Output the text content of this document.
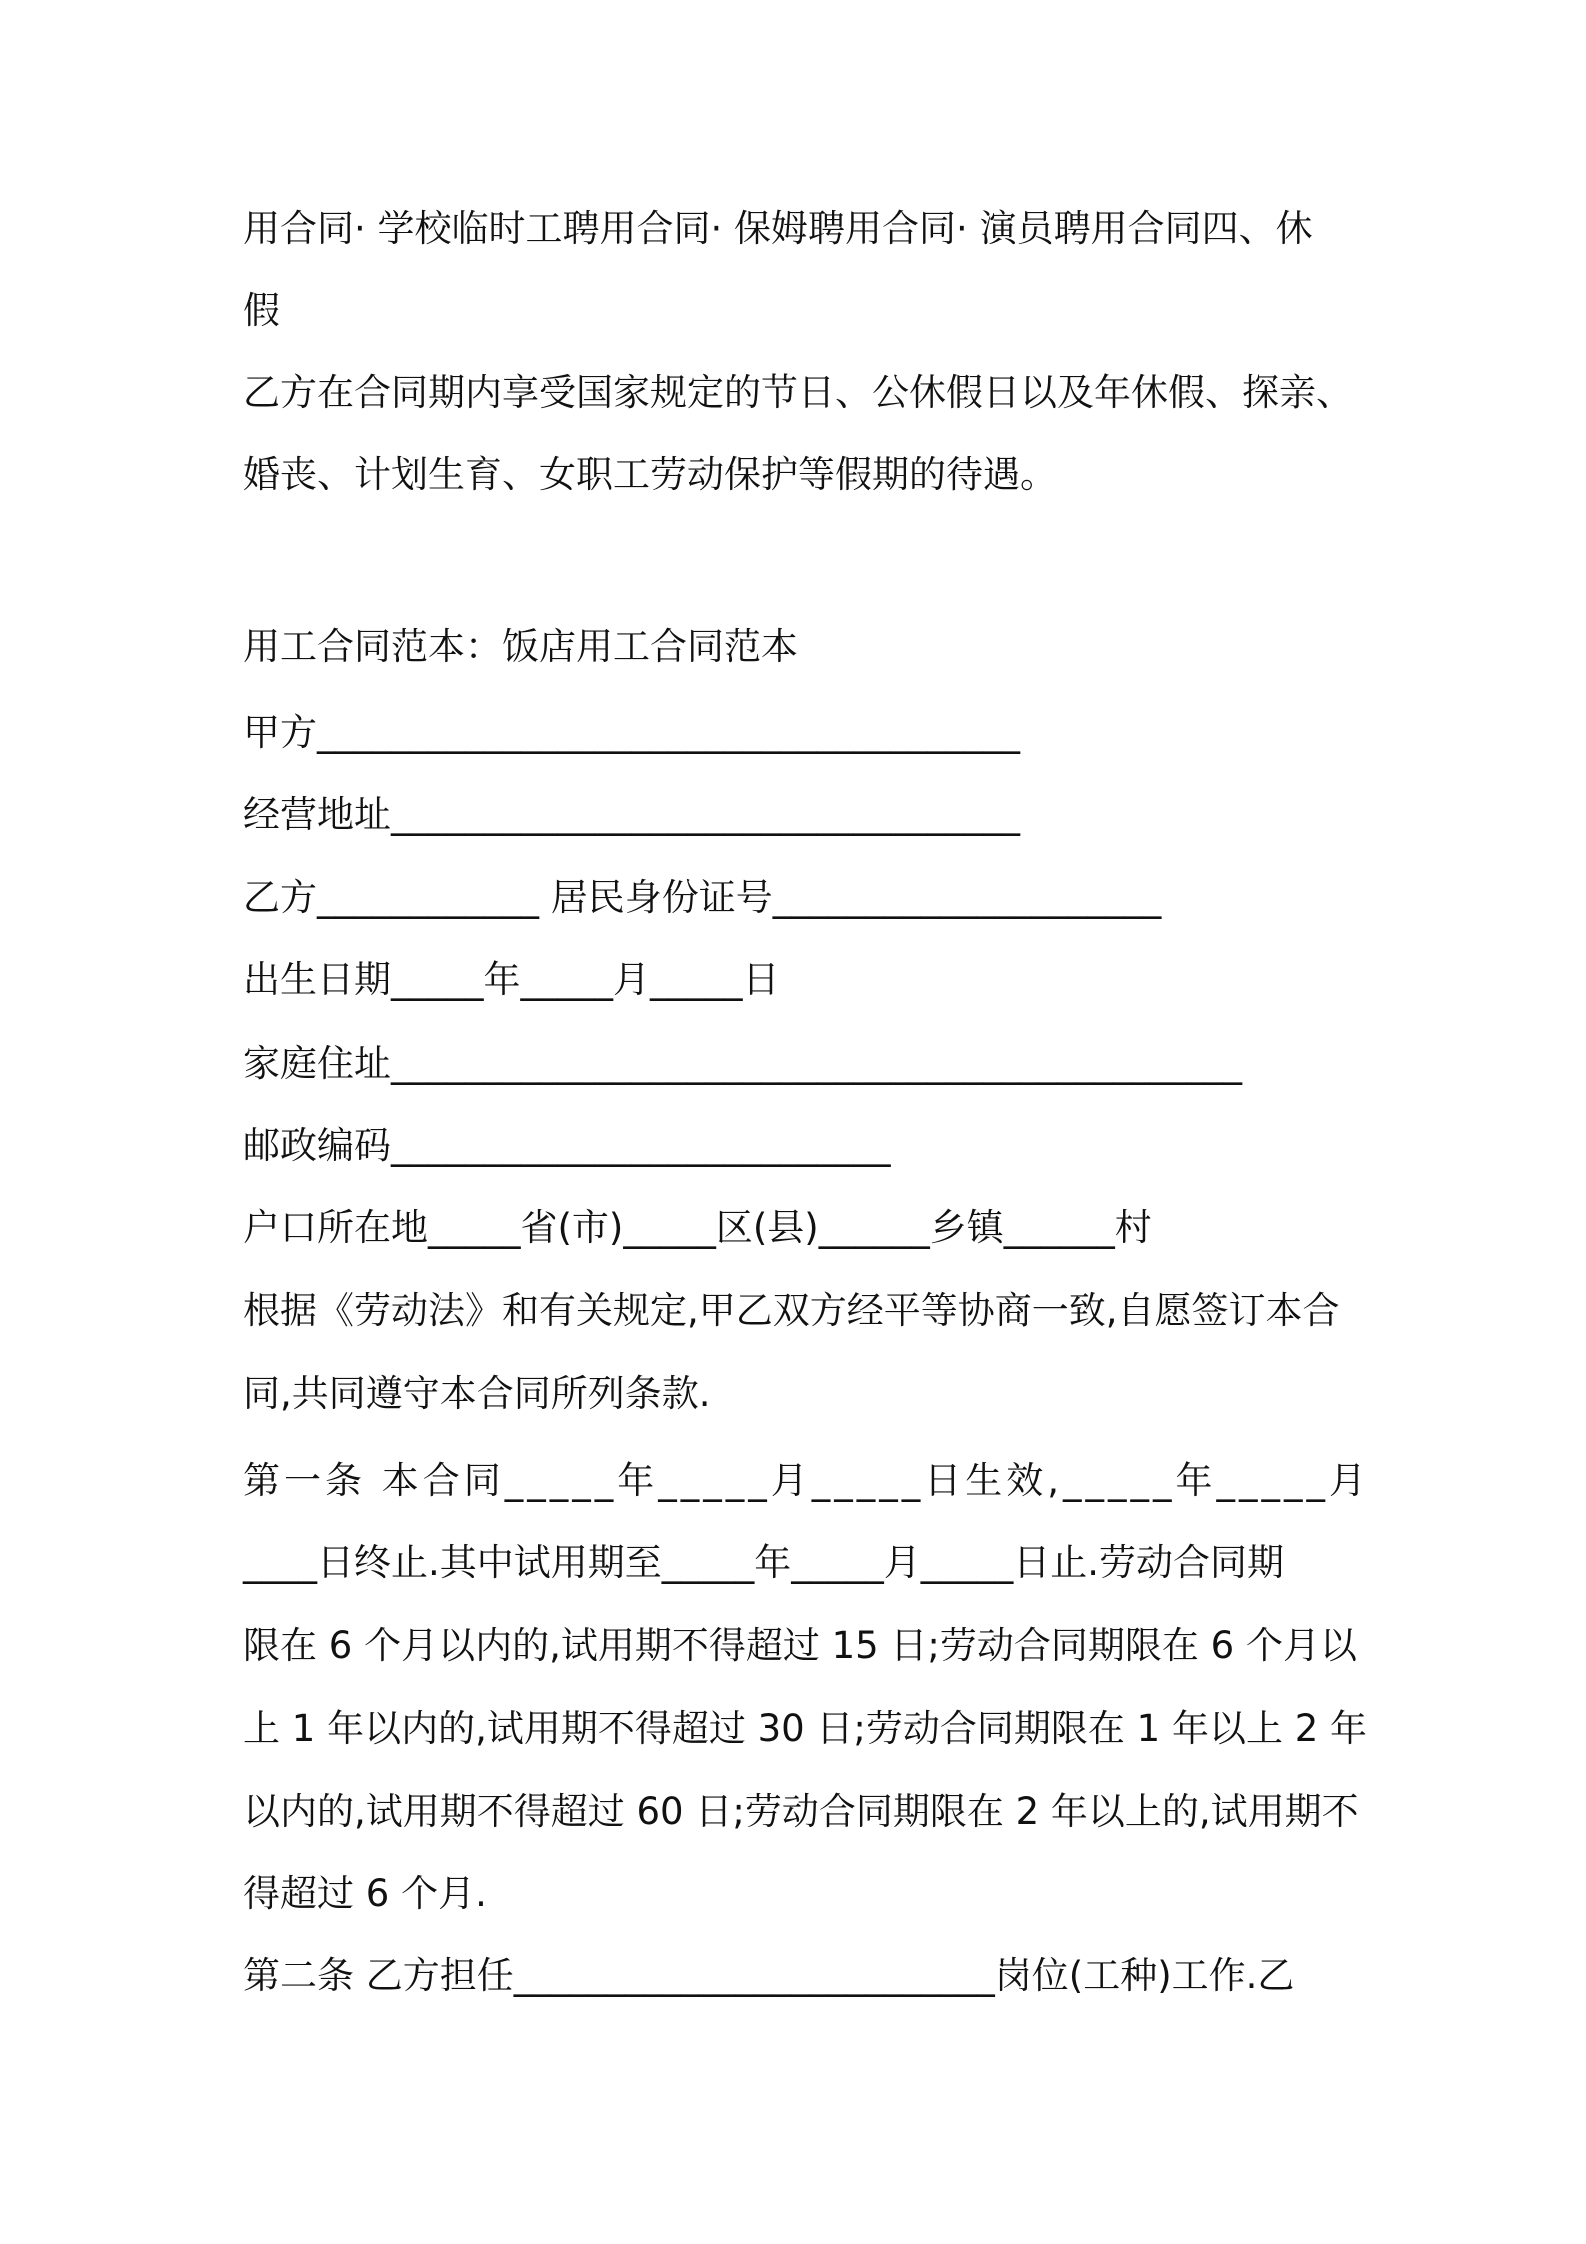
用合同· 学校临时工聘用合同· 保姆聘用合同· 演员聘用合同四、休
假
乙方在合同期内享受国家规定的节日、公休假日以及年休假、探亲、
婚丧、计划生育、女职工劳动保护等假期的待遇。
用工合同范本：饭店用工合同范本
甲方______________________________________
经营地址__________________________________
乙方____________ 居民身份证号_____________________
出生日期_____年_____月_____日
家庭住址______________________________________________
邮政编码___________________________
户口所在地_____省(市)_____区(县)______乡镇______村
根据《劳动法》和有关规定,甲乙双方经平等协商一致,自愿签订本合
同,共同遵守本合同所列条款.
第一条 本合同_____年_____月_____日生效,_____年_____月
____日终止.其中试用期至_____年_____月_____日止.劳动合同期
限在 6 个月以内的,试用期不得超过 15 日;劳动合同期限在 6 个月以
上 1 年以内的,试用期不得超过 30 日;劳动合同期限在 1 年以上 2 年
以内的,试用期不得超过 60 日;劳动合同期限在 2 年以上的,试用期不
得超过 6 个月.
第二条 乙方担任__________________________岗位(工种)工作.乙
